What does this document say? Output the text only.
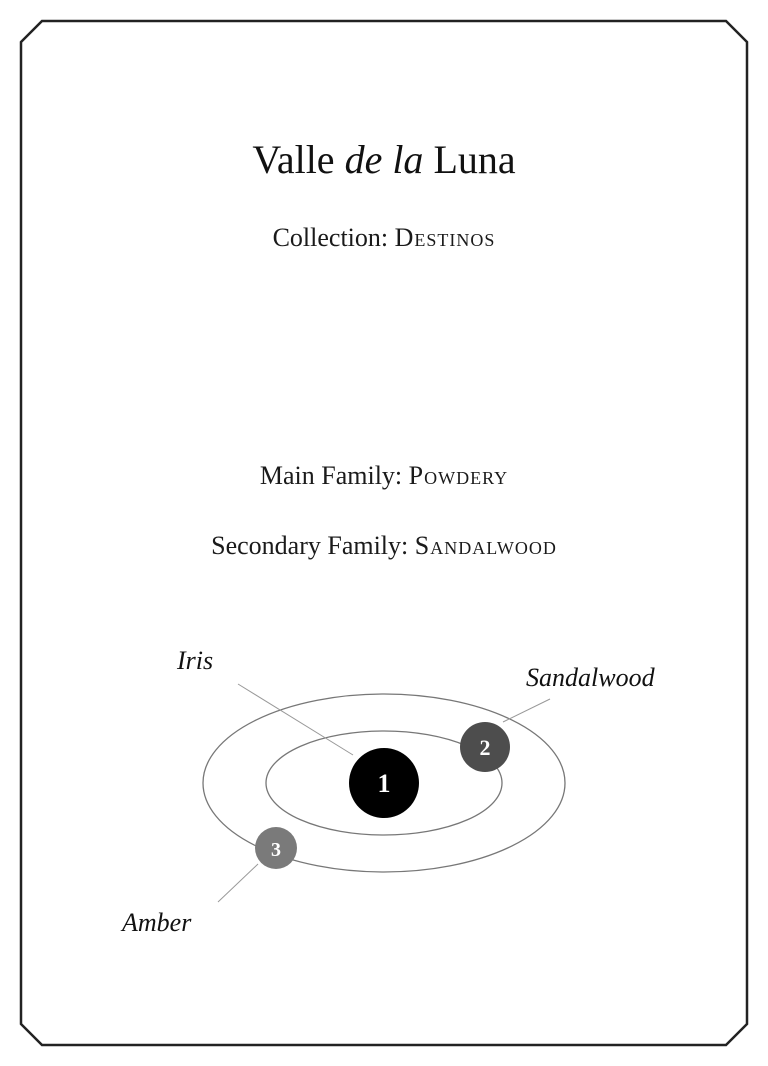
Valle de la Luna
Collection: Destinos
Main Family: Powdery
Secondary Family: Sandalwood
1
2
3
Iris
Sandalwood
Amber
